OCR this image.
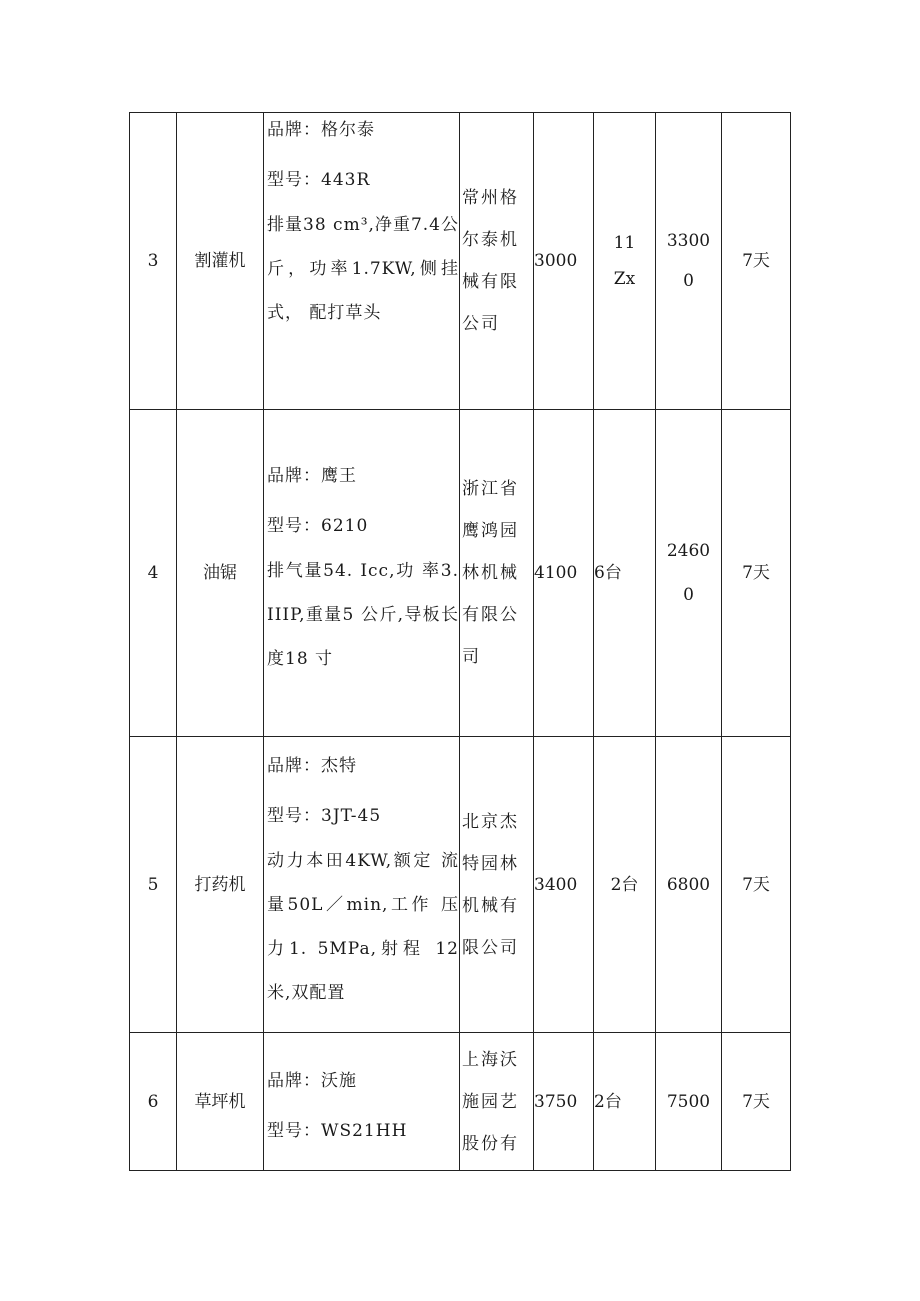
3	割灌机	品牌：格尔泰
型号：443R
排量38 cm³,净重7.4公斤，功率1.7KW,侧挂式， 配打草头	常州格尔泰机械有限公司	3000	11Zx	33000	7天
4	油锯	品牌：鹰王
型号：6210
排气量54. Icc,功 率3. IIIP,重量5 公斤,导板长度18 寸	浙江省鹰鸿园林机械有限公司	4100	6台	24600	7天
5	打药机	品牌：杰特
型号：3JT-45
动力本田4KW,额定 流量50L／min,工作 压力1. 5MPa,射程 12米,双配置	北京杰特园林机械有限公司	3400	2台	6800	7天
6	草坪机	品牌：沃施
型号：WS21HH	上海沃施园艺股份有	3750	2台	7500	7天
